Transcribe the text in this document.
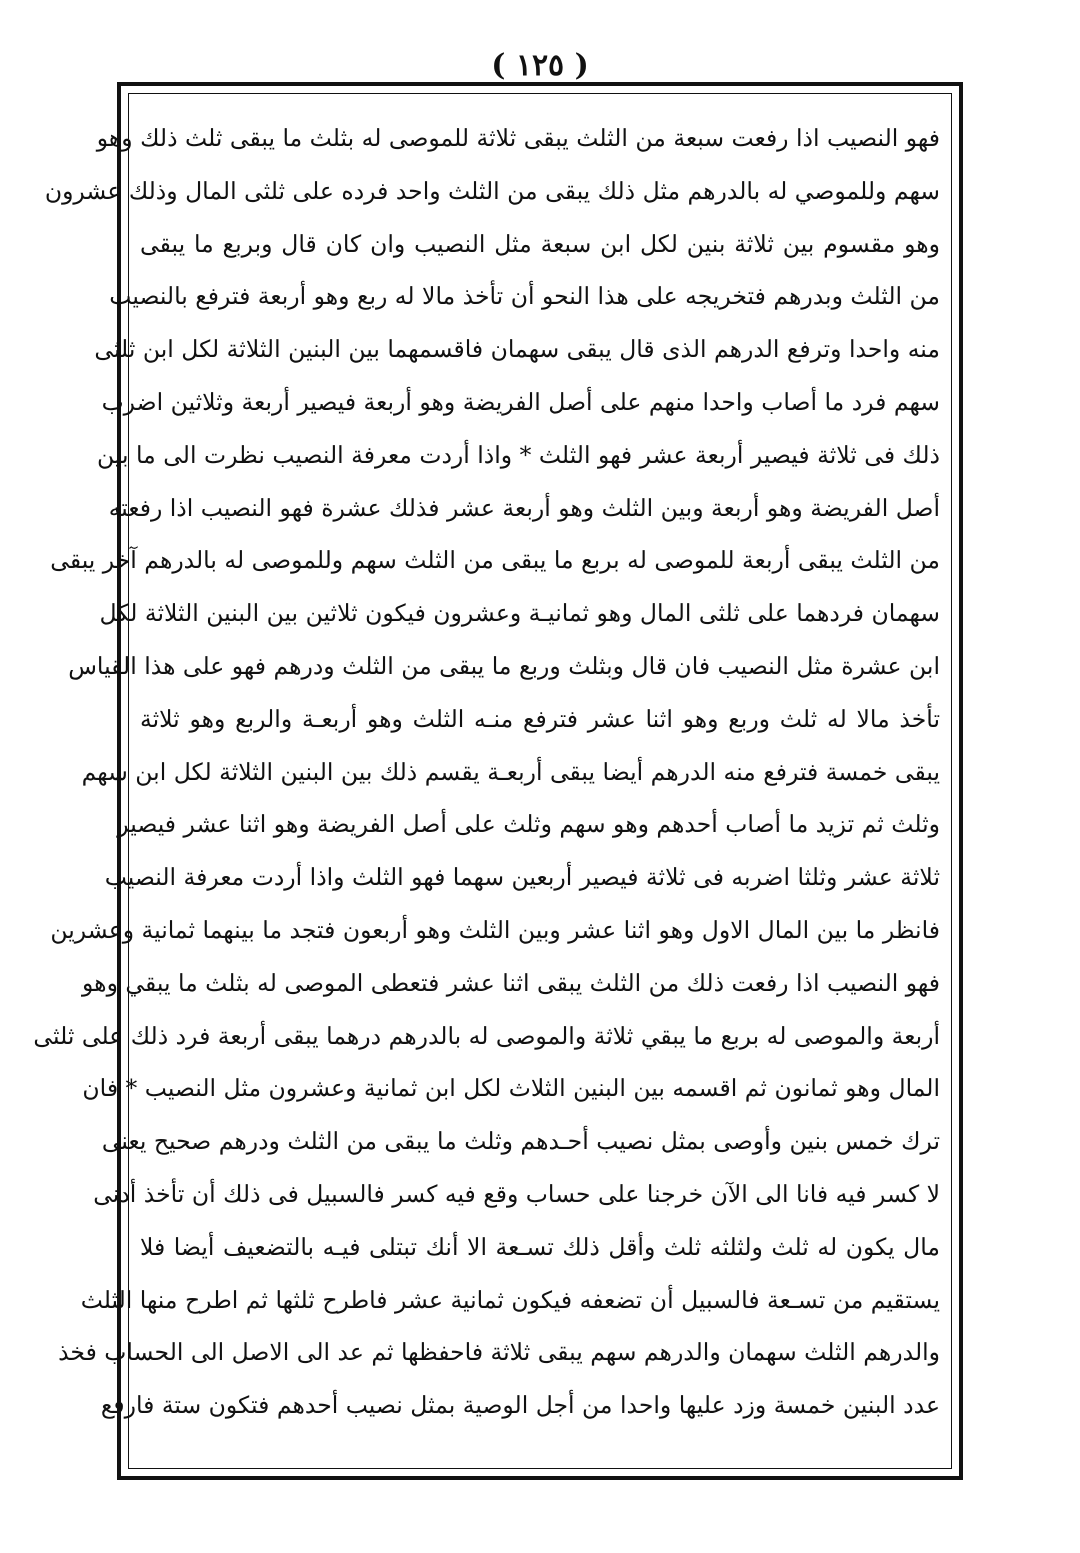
( ١٢٥ )
فهو النصيب اذا رفعت سبعة من الثلث يبقى ثلاثة للموصى له بثلث ما يبقى ثلث ذلك وهو
سهم وللموصي له بالدرهم مثل ذلك يبقى من الثلث واحد فرده على ثلثى المال وذلك عشرون
وهو مقسوم بين ثلاثة بنين لكل ابن سبعة مثل النصيب وان كان قال وبربع ما يبقى
من الثلث وبدرهم فتخريجه على هذا النحو أن تأخذ مالا له ربع وهو أربعة فترفع بالنصيب
منه واحدا وترفع الدرهم الذى قال يبقى سهمان فاقسمهما بين البنين الثلاثة لكل ابن ثلثى
سهم فرد ما أصاب واحدا منهم على أصل الفريضة وهو أربعة فيصير أربعة وثلاثين اضرب
ذلك فى ثلاثة فيصير أربعة عشر فهو الثلث * واذا أردت معرفة النصيب نظرت الى ما بين
أصل الفريضة وهو أربعة وبين الثلث وهو أربعة عشر فذلك عشرة فهو النصيب اذا رفعته
من الثلث يبقى أربعة للموصى له بربع ما يبقى من الثلث سهم وللموصى له بالدرهم آخر يبقى
سهمان فردهما على ثلثى المال وهو ثمانيـة وعشرون فيكون ثلاثين بين البنين الثلاثة لكل
ابن عشرة مثل النصيب فان قال وبثلث وربع ما يبقى من الثلث ودرهم فهو على هذا القياس
تأخذ مالا له ثلث وربع وهو اثنا عشر فترفع منـه الثلث وهو أربعـة والربع وهو ثلاثة
يبقى خمسة فترفع منه الدرهم أيضا يبقى أربعـة يقسم ذلك بين البنين الثلاثة لكل ابن سهم
وثلث ثم تزيد ما أصاب أحدهم وهو سهم وثلث على أصل الفريضة وهو اثنا عشر فيصير
ثلاثة عشر وثلثا اضربه فى ثلاثة فيصير أربعين سهما فهو الثلث واذا أردت معرفة النصيب
فانظر ما بين المال الاول وهو اثنا عشر وبين الثلث وهو أربعون فتجد ما بينهما ثمانية وعشرين
فهو النصيب اذا رفعت ذلك من الثلث يبقى اثنا عشر فتعطى الموصى له بثلث ما يبقي وهو
أربعة والموصى له بربع ما يبقي ثلاثة والموصى له بالدرهم درهما يبقى أربعة فرد ذلك على ثلثى
المال وهو ثمانون ثم اقسمه بين البنين الثلاث لكل ابن ثمانية وعشرون مثل النصيب * فان
ترك خمس بنين وأوصى بمثل نصيب أحـدهم وثلث ما يبقى من الثلث ودرهم صحيح يعنى
لا كسر فيه فانا الى الآن خرجنا على حساب وقع فيه كسر فالسبيل فى ذلك أن تأخذ أدنى
مال يكون له ثلث ولثلثه ثلث وأقل ذلك تسـعة الا أنك تبتلى فيـه بالتضعيف أيضا فلا
يستقيم من تسـعة فالسبيل أن تضعفه فيكون ثمانية عشر فاطرح ثلثها ثم اطرح منها الثلث
والدرهم الثلث سهمان والدرهم سهم يبقى ثلاثة فاحفظها ثم عد الى الاصل الى الحساب فخذ
عدد البنين خمسة وزد عليها واحدا من أجل الوصية بمثل نصيب أحدهم فتكون ستة فارفع
